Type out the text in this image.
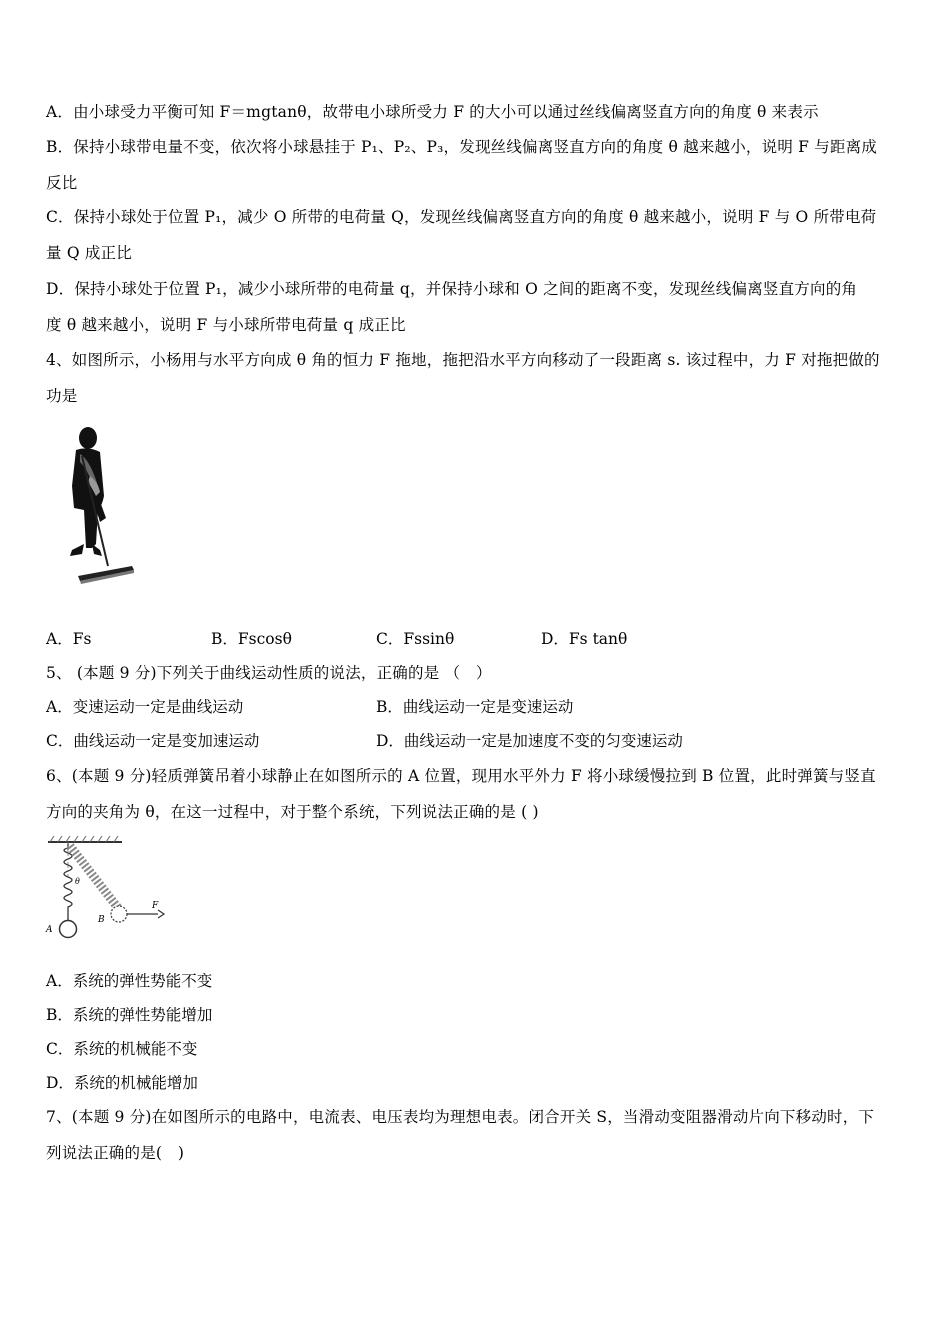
A．由小球受力平衡可知 F＝mgtanθ，故带电小球所受力 F 的大小可以通过丝线偏离竖直方向的角度 θ 来表示
B．保持小球带电量不变，依次将小球悬挂于 P₁、P₂、P₃，发现丝线偏离竖直方向的角度 θ 越来越小，说明 F 与距离成
反比
C．保持小球处于位置 P₁，减少 O 所带的电荷量 Q，发现丝线偏离竖直方向的角度 θ 越来越小，说明 F 与 O 所带电荷
量 Q 成正比
D．保持小球处于位置 P₁，减少小球所带的电荷量 q，并保持小球和 O 之间的距离不变，发现丝线偏离竖直方向的角
度 θ 越来越小，说明 F 与小球所带电荷量 q 成正比
4、如图所示，小杨用与水平方向成 θ 角的恒力 F 拖地，拖把沿水平方向移动了一段距离 s. 该过程中，力 F 对拖把做的
功是
A．Fs	B．Fscosθ	C．Fssinθ	D．Fs tanθ
5、 (本题 9 分)下列关于曲线运动性质的说法，正确的是 （　）
A．变速运动一定是曲线运动	B．曲线运动一定是变速运动
C．曲线运动一定是变加速运动	D．曲线运动一定是加速度不变的匀变速运动
6、(本题 9 分)轻质弹簧吊着小球静止在如图所示的 A 位置，现用水平外力 F 将小球缓慢拉到 B 位置，此时弹簧与竖直
方向的夹角为 θ，在这一过程中，对于整个系统，下列说法正确的是 ( )
θ
A
B
F
A．系统的弹性势能不变
B．系统的弹性势能增加
C．系统的机械能不变
D．系统的机械能增加
7、(本题 9 分)在如图所示的电路中，电流表、电压表均为理想电表。闭合开关 S，当滑动变阻器滑动片向下移动时，下
列说法正确的是(　)
